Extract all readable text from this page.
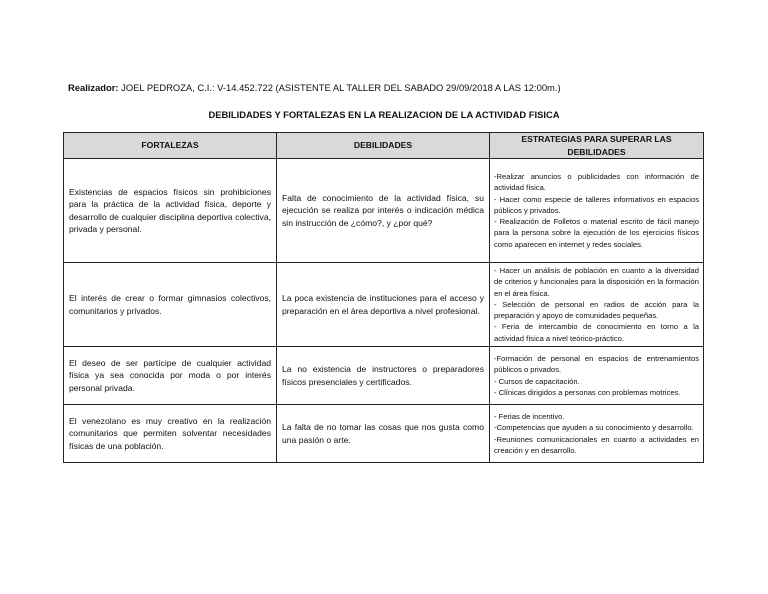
Realizador: JOEL PEDROZA, C.I.: V-14.452.722 (ASISTENTE AL TALLER DEL SABADO 29/09/2018 A LAS 12:00m.)
DEBILIDADES Y FORTALEZAS EN LA REALIZACION DE LA ACTIVIDAD FISICA
FORTALEZAS	DEBILIDADES	ESTRATEGIAS PARA SUPERAR LAS DEBILIDADES
Existencias de espacios físicos sin prohibiciones para la práctica de la actividad física, deporte y desarrollo de cualquier disciplina deportiva colectiva, privada y personal.	Falta de conocimiento de la actividad física, su ejecución se realiza por interés o indicación médica sin instrucción de ¿cómo?, y ¿por qué?	-Realizar anuncios o publicidades con información de actividad física.
- Hacer como especie de talleres informativos en espacios públicos y privados.
- Realización de Folletos o material escrito de fácil manejo para la persona sobre la ejecución de los ejercicios físicos como aparecen en internet y redes sociales.

El interés de crear o formar gimnasios colectivos, comunitarios y privados.	La poca existencia de instituciones para el acceso y preparación en el área deportiva a nivel profesional.	- Hacer un análisis de población en cuanto a la diversidad de criterios y funcionales para la disposición en la formación en el área física.
- Selección de personal en radios de acción para la preparación y apoyo de comunidades pequeñas.
- Feria de intercambio de conocimiento en torno a la actividad física a nivel teórico-práctico.

El deseo de ser partícipe de cualquier actividad física ya sea conocida por moda o por interés personal privada.	La no existencia de instructores o preparadores físicos presenciales y certificados.	-Formación de personal en espacios de entrenamientos públicos o privados.
- Cursos de capacitación.
- Clínicas dirigidos a personas con problemas motrices.

El venezolano es muy creativo en la realización comunitarios que permiten solventar necesidades físicas de una población.	La falta de no tomar las cosas que nos gusta como una pasión o arte.	- Ferias de incentivo.
-Competencias que ayuden a su conocimiento y desarrollo.
-Reuniones comunicacionales en cuanto a actividades en creación y en desarrollo.
